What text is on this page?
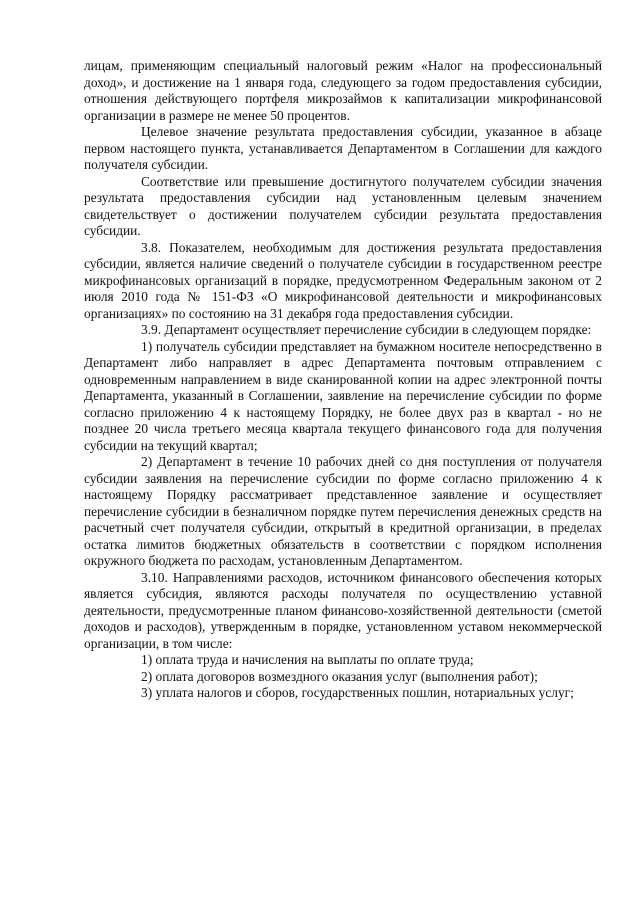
лицам, применяющим специальный налоговый режим «Налог на профессиональный доход», и достижение на 1 января года, следующего за годом предоставления субсидии, отношения действующего портфеля микрозаймов к капитализации микрофинансовой организации в размере не менее 50 процентов.

Целевое значение результата предоставления субсидии, указанное в абзаце первом настоящего пункта, устанавливается Департаментом в Соглашении для каждого получателя субсидии.

Соответствие или превышение достигнутого получателем субсидии значения результата предоставления субсидии над установленным целевым значением свидетельствует о достижении получателем субсидии результата предоставления субсидии.

3.8. Показателем, необходимым для достижения результата предоставления субсидии, является наличие сведений о получателе субсидии в государственном реестре микрофинансовых организаций в порядке, предусмотренном Федеральным законом от 2 июля 2010 года № 151-ФЗ «О микрофинансовой деятельности и микрофинансовых организациях» по состоянию на 31 декабря года предоставления субсидии.

3.9. Департамент осуществляет перечисление субсидии в следующем порядке:

1) получатель субсидии представляет на бумажном носителе непосредственно в Департамент либо направляет в адрес Департамента почтовым отправлением с одновременным направлением в виде сканированной копии на адрес электронной почты Департамента, указанный в Соглашении, заявление на перечисление субсидии по форме согласно приложению 4 к настоящему Порядку, не более двух раз в квартал - но не позднее 20 числа третьего месяца квартала текущего финансового года для получения субсидии на текущий квартал;

2) Департамент в течение 10 рабочих дней со дня поступления от получателя субсидии заявления на перечисление субсидии по форме согласно приложению 4 к настоящему Порядку рассматривает представленное заявление и осуществляет перечисление субсидии в безналичном порядке путем перечисления денежных средств на расчетный счет получателя субсидии, открытый в кредитной организации, в пределах остатка лимитов бюджетных обязательств в соответствии с порядком исполнения окружного бюджета по расходам, установленным Департаментом.

3.10. Направлениями расходов, источником финансового обеспечения которых является субсидия, являются расходы получателя по осуществлению уставной деятельности, предусмотренные планом финансово-хозяйственной деятельности (сметой доходов и расходов), утвержденным в порядке, установленном уставом некоммерческой организации, в том числе:

1) оплата труда и начисления на выплаты по оплате труда;

2) оплата договоров возмездного оказания услуг (выполнения работ);

3) уплата налогов и сборов, государственных пошлин, нотариальных услуг;
